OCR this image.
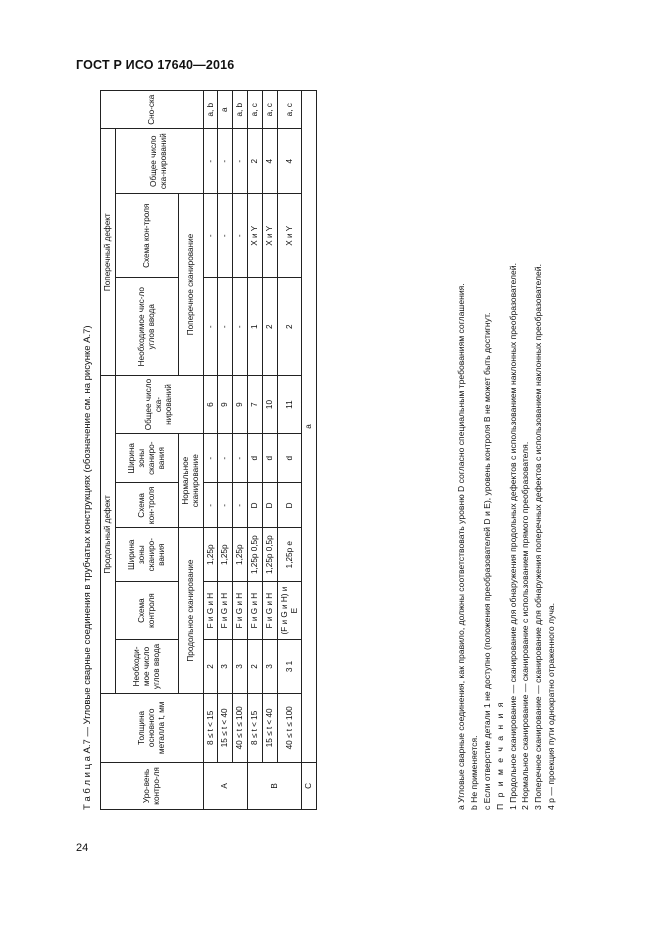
ГОСТ Р ИСО 17640—2016
24
Т а б л и ц а А.7 — Угловые сварные соединения в трубчатых конструкциях (обозначение см. на рисунке А.7)	Уро-вень контро-ля	Толщина основного металла t, мм	Продольный дефект						Поперечный дефект			Сно-ска
		Необходи-мое число углов ввода	Схема контроля	Ширина зоны сканиро-вания	Схема кон-троля	Ширина зоны сканиро-вания	Общее число ска-нирований	Необходимое чис-ло углов ввода	Схема кон-троля	Общее число ска-нирований	
		Продольное сканирование			Нормальное сканирование			Поперечное сканирование			
A	8 ≤ t < 15	2	F и G и H	1,25p	-	-	6	-	-	-	a, b
	15 ≤ t < 40	3	F и G и H	1,25p	-	-	9	-	-	-	a
	40 ≤ t ≤ 100	3	F и G и H	1,25p	-	-	9	-	-	-	a, b
B	8 ≤ t < 15	2	F и G и H	1,25p 0,5p	D	d	7	1	X и Y	2	a, c
	15 ≤ t < 40	3	F и G и H	1,25p 0,5p	D	d	10	2	X и Y	4	a, c
	40 ≤ t ≤ 100	3 1	(F и G и H) и E	1,25p e	D	d	11	2	X и Y	4	a, c
C	a											a Угловые сварные соединения, как правило, должны соответствовать уровню D согласно специальным требованиям соглашения. b Не применяется. c Если отверстие детали 1 не доступно (положения преобразователей D и E), уровень контроля B не может быть достигнут. П р и м е ч а н и я 1 Продольное сканирование — сканирование для обнаружения продольных дефектов с использованием наклонных преобразователей. 2 Нормальное сканирование — сканирование с использованием прямого преобразователя. 3 Поперечное сканирование — сканирование для обнаружения поперечных дефектов с использованием наклонных преобразователей. 4 p — проекция пути однократно отраженного луча.
